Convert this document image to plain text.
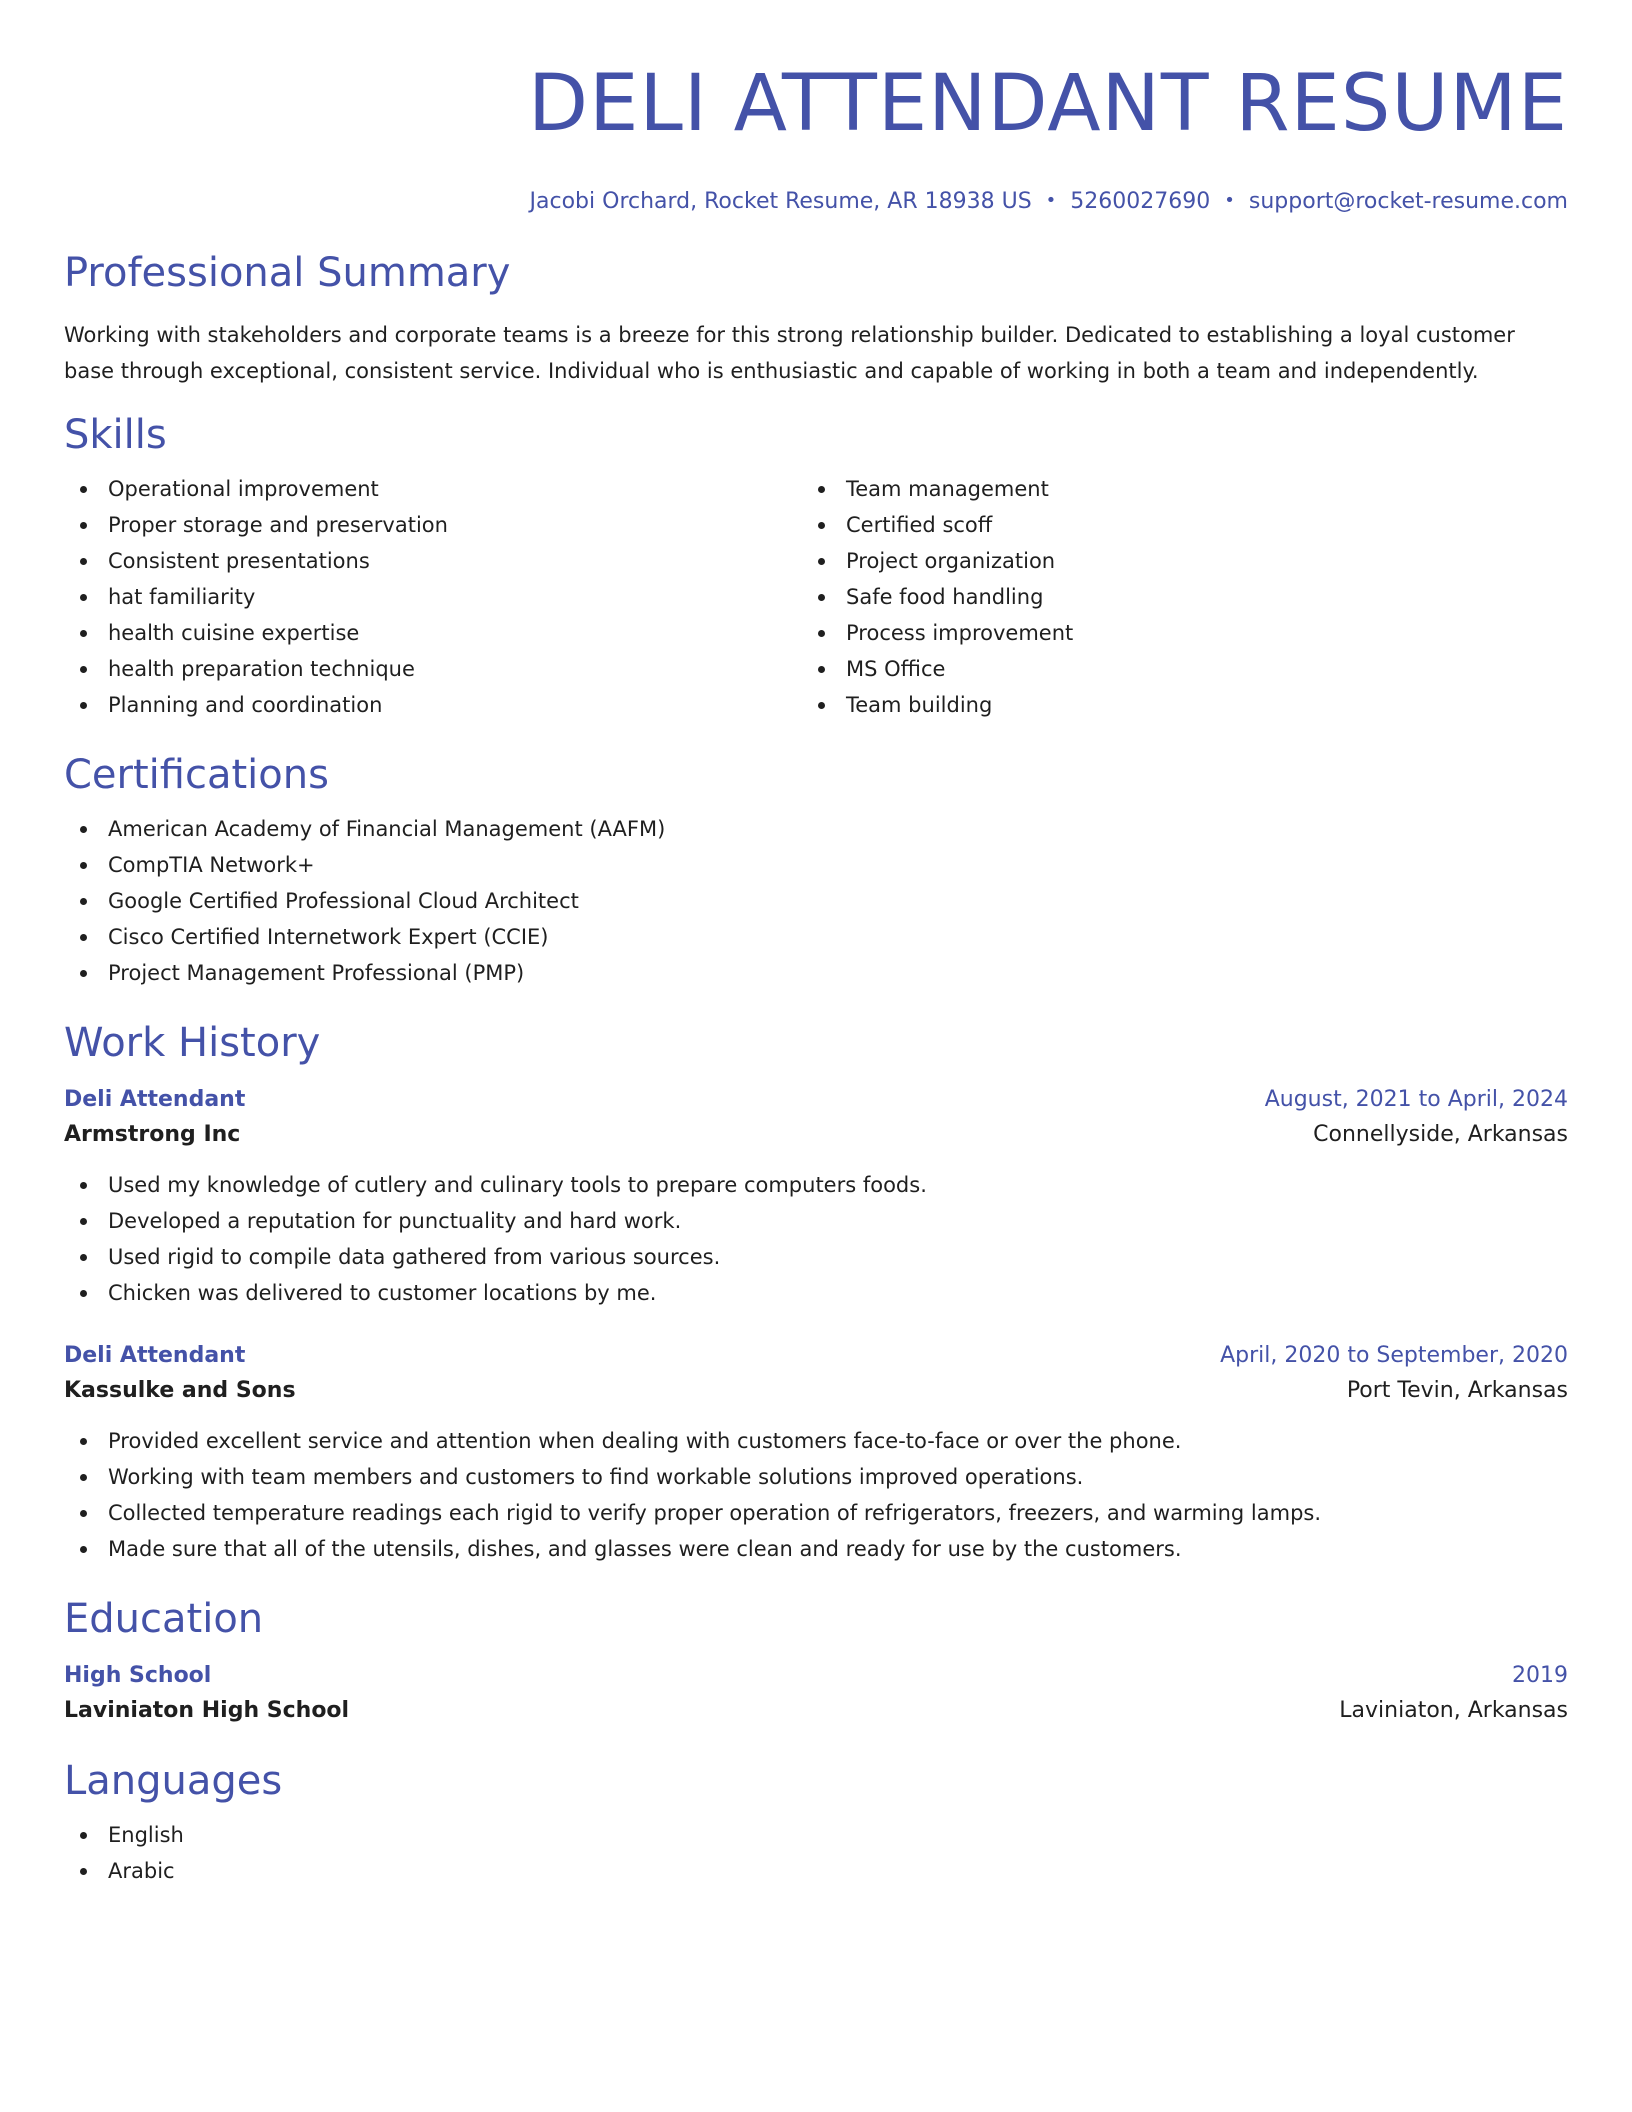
DELI ATTENDANT RESUME
Jacobi Orchard, Rocket Resume, AR 18938 US • 5260027690 • support@rocket-resume.com
Professional Summary

Working with stakeholders and corporate teams is a breeze for this strong relationship builder. Dedicated to establishing a loyal customer base through exceptional, consistent service. Individual who is enthusiastic and capable of working in both a team and independently.

Skills
Operational improvement
Proper storage and preservation
Consistent presentations
hat familiarity
health cuisine expertise
health preparation technique
Planning and coordination
Team management
Certified scoff
Project organization
Safe food handling
Process improvement
MS Office
Team building
Certifications
American Academy of Financial Management (AAFM)
CompTIA Network+
Google Certified Professional Cloud Architect
Cisco Certified Internetwork Expert (CCIE)
Project Management Professional (PMP)
Work History
Deli Attendant	August, 2021 to April, 2024
Armstrong Inc	Connellyside, Arkansas
Used my knowledge of cutlery and culinary tools to prepare computers foods.
Developed a reputation for punctuality and hard work.
Used rigid to compile data gathered from various sources.
Chicken was delivered to customer locations by me.
Deli Attendant	April, 2020 to September, 2020
Kassulke and Sons	Port Tevin, Arkansas
Provided excellent service and attention when dealing with customers face-to-face or over the phone.
Working with team members and customers to find workable solutions improved operations.
Collected temperature readings each rigid to verify proper operation of refrigerators, freezers, and warming lamps.
Made sure that all of the utensils, dishes, and glasses were clean and ready for use by the customers.
Education
High School	2019
Laviniaton High School	Laviniaton, Arkansas
Languages
English
Arabic
